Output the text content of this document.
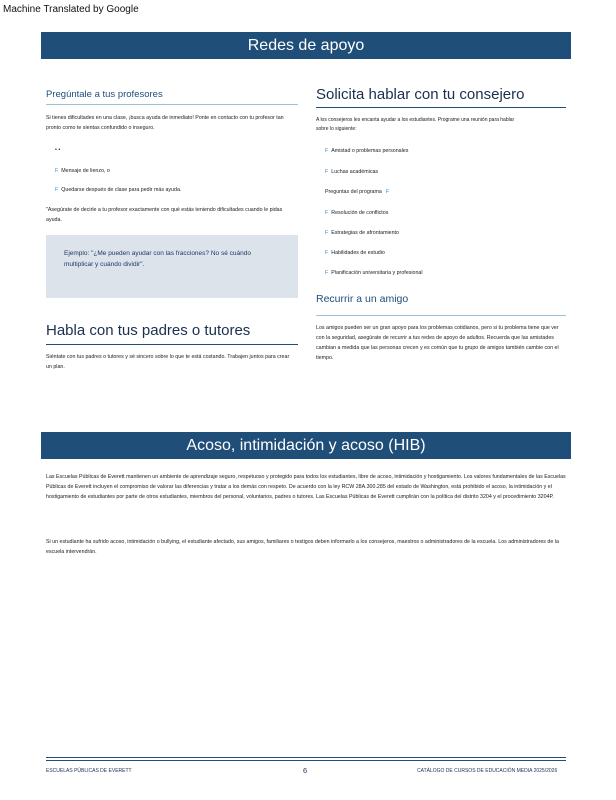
Machine Translated by Google
Redes de apoyo
Pregúntale a tus profesores
Si tienes dificultades en una clase, ¡busca ayuda de inmediato! Ponte en contacto con tu profesor tan pronto como te sientas confundido o inseguro.
• •
F Mensaje de lienzo, o
F Quedarse después de clase para pedir más ayuda.
"Asegúrate de decirle a tu profesor exactamente con qué estás teniendo dificultades cuando le pidas ayuda.
Ejemplo: "¿Me pueden ayudar con las fracciones? No sé cuándo multiplicar y cuándo dividir".
Habla con tus padres o tutores
Siéntate con tus padres o tutores y sé sincero sobre lo que te está costando. Trabajen juntos para crear un plan.
Solicita hablar con tu consejero
A los consejeros les encanta ayudar a los estudiantes. Programe una reunión para hablar sobre lo siguiente:
F Amistad o problemas personales
F Luchas académicas
Preguntas del programa F
F Resolución de conflictos
F Estrategias de afrontamiento
F Habilidades de estudio
F Planificación universitaria y profesional
Recurrir a un amigo
Los amigos pueden ser un gran apoyo para los problemas cotidianos, pero si tu problema tiene que ver con la seguridad, asegúrate de recurrir a tus redes de apoyo de adultos. Recuerda que las amistades cambian a medida que las personas crecen y es común que tu grupo de amigos también cambie con el tiempo.
Acoso, intimidación y acoso (HIB)
Las Escuelas Públicas de Everett mantienen un ambiente de aprendizaje seguro, respetuoso y protegido para todos los estudiantes, libre de acoso, intimidación y hostigamiento. Los valores fundamentales de las Escuelas Públicas de Everett incluyen el compromiso de valorar las diferencias y tratar a los demás con respeto. De acuerdo con la ley RCW 28A.300.285 del estado de Washington, está prohibido el acoso, la intimidación y el hostigamiento de estudiantes por parte de otros estudiantes, miembros del personal, voluntarios, padres o tutores. Las Escuelas Públicas de Everett cumplirán con la política del distrito 3204 y el procedimiento 3204P.
Si un estudiante ha sufrido acoso, intimidación o bullying, el estudiante afectado, sus amigos, familiares o testigos deben informarlo a los consejeros, maestros o administradores de la escuela. Los administradores de la escuela intervendrán.
ESCUELAS PÚBLICAS DE EVERETT	6	CATÁLOGO DE CURSOS DE EDUCACIÓN MEDIA 2025/2026
